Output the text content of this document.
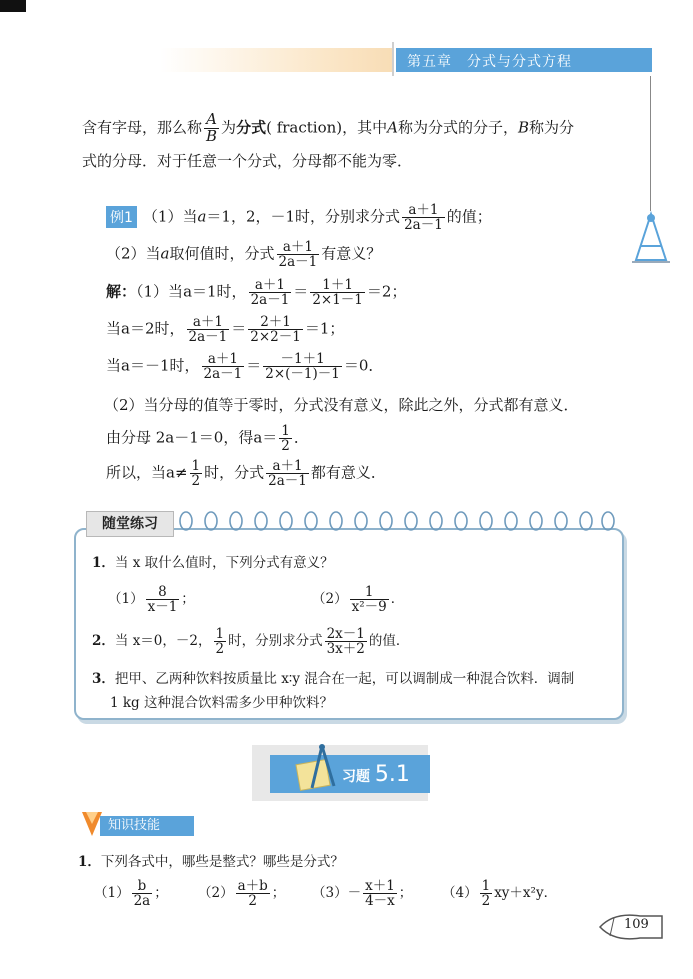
第五章　分式与分式方程
含有字母，那么称 $\frac{A}{B}$ 为分式( fraction)，其中A称为分式的分子，B称为分
式的分母．对于任意一个分式，分母都不能为零．
例1 （1）当a＝1，2，－1时，分别求分式 $\frac{a+1}{2a-1}$ 的值；
（2）当a取何值时，分式 $\frac{a+1}{2a-1}$ 有意义？
解：（1）当a＝1时， $\frac{a+1}{2a-1} = \frac{1+1}{2\times 1-1} =2$；
当a＝2时， $\frac{a+1}{2a-1} = \frac{2+1}{2\times 2-1} =1$；
当a＝－1时， $\frac{a+1}{2a-1} = \frac{-1+1}{2\times(-1)-1} =0$．
（2）当分母的值等于零时，分式没有意义，除此之外，分式都有意义．
由分母 2a－1＝0，得$a= \frac{1}{2}$ ．
所以，当$a\ne \frac{1}{2}$ 时，分式 $\frac{a+1}{2a-1}$ 都有意义．
随堂练习
1．当 x 取什么值时，下列分式有意义？
$(1) \frac{8}{x-1}$ ；	$(2) \frac{1}{\text{x²－9}}$ ．
2．当 x＝0，－2， $\frac{1}{2}$ 时，分别求分式 $\frac{2x-1}{3x+2}$ 的值．
3．把甲、乙两种饮料按质量比 x∶y 混合在一起，可以调制成一种混合饮料．调制
1 kg 这种混合饮料需多少甲种饮料？
习题 5.1
知识技能
1．下列各式中，哪些是整式？哪些是分式？
$(1) \frac{b}{2a}$ ； $(2) \frac{a+b}{2}$ ； $(3)- \frac{x+1}{4-x}$ ； $(4) \frac{1}{2} xy+x^2y$．
109
